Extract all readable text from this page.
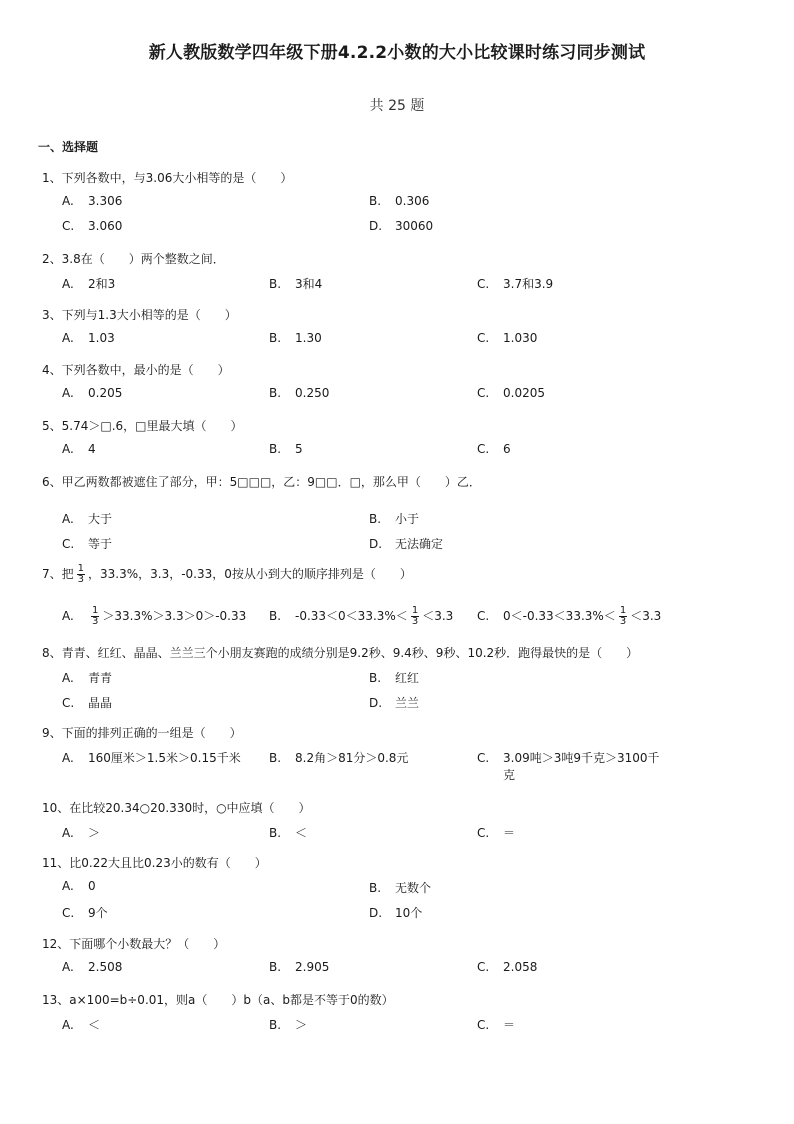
新人教版数学四年级下册4.2.2小数的大小比较课时练习同步测试
共 25 题
一、选择题
1、下列各数中，与3.06大小相等的是（　　）
A. 3.306	B. 0.306
C. 3.060	D. 30060
2、3.8在（　　）两个整数之间．
A. 2和3	B. 3和4	C. 3.7和3.9
3、下列与1.3大小相等的是（　　）
A. 1.03	B. 1.30	C. 1.030
4、下列各数中，最小的是（　　）
A. 0.205	B. 0.250	C. 0.0205
5、5.74＞□.6，□里最大填（　　）
A. 4	B. 5	C. 6
6、甲乙两数都被遮住了部分，甲：5□□□，乙：9□□．□，那么甲（　　）乙．
A. 大于	B. 小于
C. 等于	D. 无法确定
7、把 $\frac{1}{3}$ ，33.3%，3.3，-0.33，0按从小到大的顺序排列是（　　）
A. $\frac{1}{3} >33.3\%>3.3>0>-0.33$ B. $-0.33<0<33.3\%< \frac{1}{3} <3.3$ C. $0<-0.33<33.3\%< \frac{1}{3} <3.3$
8、青青、红红、晶晶、兰兰三个小朋友赛跑的成绩分别是9.2秒、9.4秒、9秒、10.2秒．跑得最快的是（　　）
A. 青青	B. 红红
C. 晶晶	D. 兰兰
9、下面的排列正确的一组是（　　）
A. 160厘米＞1.5米＞0.15千米 B. 8.2角＞81分＞0.8元	C. 3.09吨＞3吨9千克＞3100千
克
10、在比较20.34○20.330时，○中应填（　　）
A. ＞	B. ＜	C. ＝
11、比0.22大且比0.23小的数有（　　）
A. 0	B. 无数个
C. 9个	D. 10个
12、下面哪个小数最大？（　　）
A. 2.508	B. 2.905	C. 2.058
13、a×100=b÷0.01，则a（　　）b（a、b都是不等于0的数）
A. ＜	B. ＞	C. ＝
